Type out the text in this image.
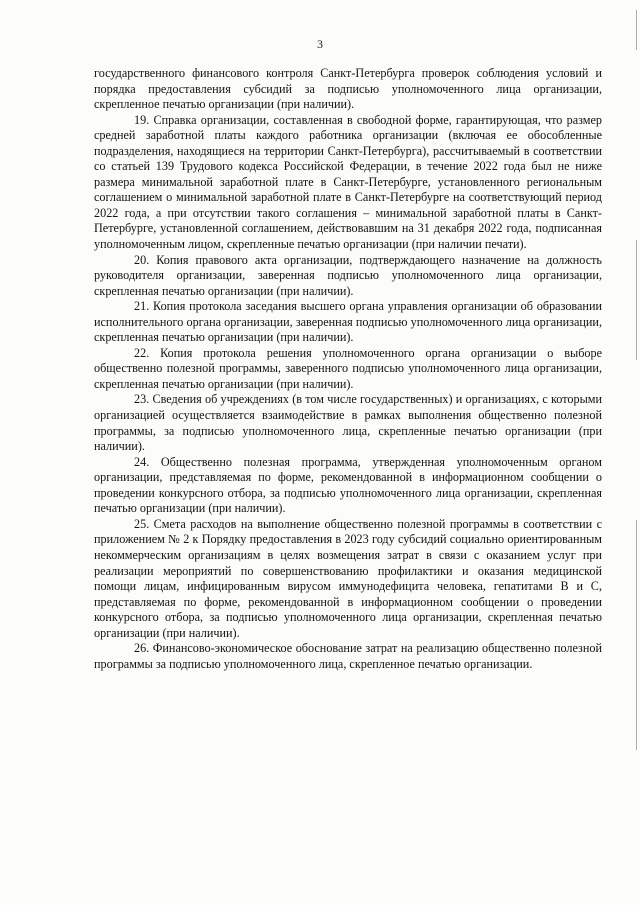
3

государственного финансового контроля Санкт-Петербурга проверок соблюдения условий и порядка предоставления субсидий за подписью уполномоченного лица организации, скрепленное печатью организации (при наличии).

19. Справка организации, составленная в свободной форме, гарантирующая, что размер средней заработной платы каждого работника организации (включая ее обособленные подразделения, находящиеся на территории Санкт-Петербурга), рассчитываемый в соответствии со статьей 139 Трудового кодекса Российской Федерации, в течение 2022 года был не ниже размера минимальной заработной плате в Санкт-Петербурге, установленного региональным соглашением о минимальной заработной плате в Санкт-Петербурге на соответствующий период 2022 года, а при отсутствии такого соглашения – минимальной заработной платы в Санкт-Петербурге, установленной соглашением, действовавшим на 31 декабря 2022 года, подписанная уполномоченным лицом, скрепленные печатью организации (при наличии печати).

20. Копия правового акта организации, подтверждающего назначение на должность руководителя организации, заверенная подписью уполномоченного лица организации, скрепленная печатью организации (при наличии).

21. Копия протокола заседания высшего органа управления организации об образовании исполнительного органа организации, заверенная подписью уполномоченного лица организации, скрепленная печатью организации (при наличии).

22. Копия протокола решения уполномоченного органа организации о выборе общественно полезной программы, заверенного подписью уполномоченного лица организации, скрепленная печатью организации (при наличии).

23. Сведения об учреждениях (в том числе государственных) и организациях, с которыми организацией осуществляется взаимодействие в рамках выполнения общественно полезной программы, за подписью уполномоченного лица, скрепленные печатью организации (при наличии).

24. Общественно полезная программа, утвержденная уполномоченным органом организации, представляемая по форме, рекомендованной в информационном сообщении о проведении конкурсного отбора, за подписью уполномоченного лица организации, скрепленная печатью организации (при наличии).

25. Смета расходов на выполнение общественно полезной программы в соответствии с приложением № 2 к Порядку предоставления в 2023 году субсидий социально ориентированным некоммерческим организациям в целях возмещения затрат в связи с оказанием услуг при реализации мероприятий по совершенствованию профилактики и оказания медицинской помощи лицам, инфицированным вирусом иммунодефицита человека, гепатитами В и С, представляемая по форме, рекомендованной в информационном сообщении о проведении конкурсного отбора, за подписью уполномоченного лица организации, скрепленная печатью организации (при наличии).

26. Финансово-экономическое обоснование затрат на реализацию общественно полезной программы за подписью уполномоченного лица, скрепленное печатью организации.
